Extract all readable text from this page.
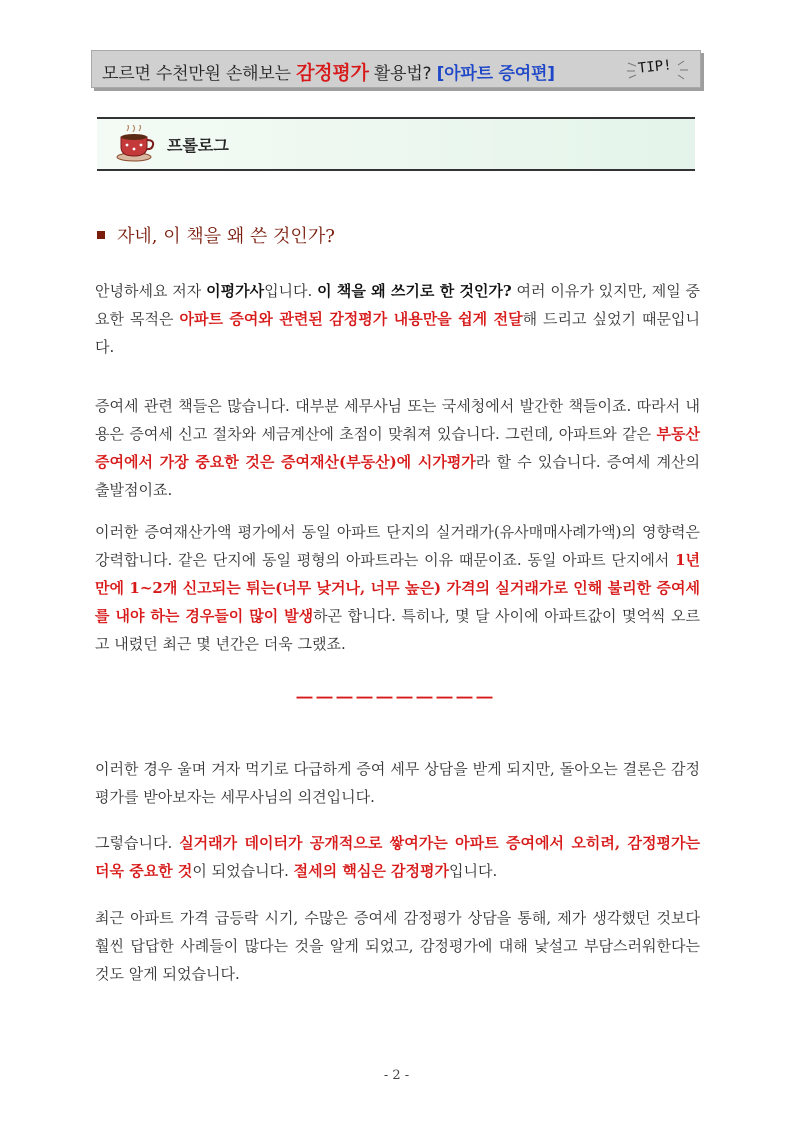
모르면 수천만원 손해보는 감정평가 활용법? [아파트 증여편]	TIP!
프롤로그
자네, 이 책을 왜 쓴 것인가?

안녕하세요 저자 이평가사입니다. 이 책을 왜 쓰기로 한 것인가? 여러 이유가 있지만, 제일 중요한 목적은 아파트 증여와 관련된 감정평가 내용만을 쉽게 전달해 드리고 싶었기 때문입니다.

증여세 관련 책들은 많습니다. 대부분 세무사님 또는 국세청에서 발간한 책들이죠. 따라서 내용은 증여세 신고 절차와 세금계산에 초점이 맞춰져 있습니다. 그런데, 아파트와 같은 부동산 증여에서 가장 중요한 것은 증여재산(부동산)에 시가평가라 할 수 있습니다. 증여세 계산의 출발점이죠.

이러한 증여재산가액 평가에서 동일 아파트 단지의 실거래가(유사매매사례가액)의 영향력은 강력합니다. 같은 단지에 동일 평형의 아파트라는 이유 때문이죠. 동일 아파트 단지에서 1년 만에 1~2개 신고되는 튀는(너무 낮거나, 너무 높은) 가격의 실거래가로 인해 불리한 증여세를 내야 하는 경우들이 많이 발생하곤 합니다. 특히나, 몇 달 사이에 아파트값이 몇억씩 오르고 내렸던 최근 몇 년간은 더욱 그랬죠.

――――――――――

이러한 경우 울며 겨자 먹기로 다급하게 증여 세무 상담을 받게 되지만, 돌아오는 결론은 감정평가를 받아보자는 세무사님의 의견입니다.

그렇습니다. 실거래가 데이터가 공개적으로 쌓여가는 아파트 증여에서 오히려, 감정평가는 더욱 중요한 것이 되었습니다. 절세의 핵심은 감정평가입니다.

최근 아파트 가격 급등락 시기, 수많은 증여세 감정평가 상담을 통해, 제가 생각했던 것보다 훨씬 답답한 사례들이 많다는 것을 알게 되었고, 감정평가에 대해 낯설고 부담스러워한다는 것도 알게 되었습니다.

- 2 -
